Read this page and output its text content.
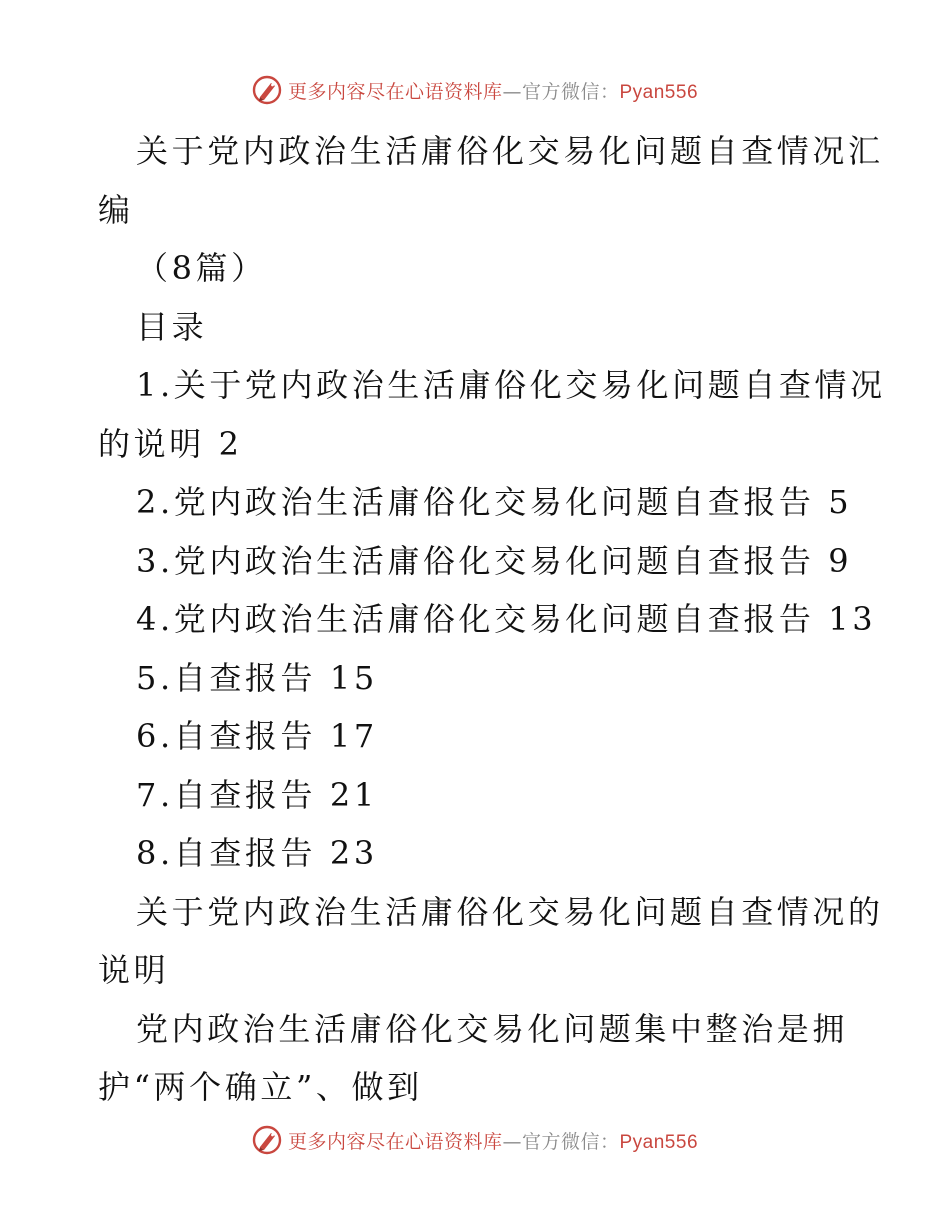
更多内容尽在心语资料库—官方微信：Pyan556

关于党内政治生活庸俗化交易化问题自查情况汇

编

（8篇）

目录

1.关于党内政治生活庸俗化交易化问题自查情况

的说明 2

2.党内政治生活庸俗化交易化问题自查报告 5

3.党内政治生活庸俗化交易化问题自查报告 9

4.党内政治生活庸俗化交易化问题自查报告 13

5.自查报告 15

6.自查报告 17

7.自查报告 21

8.自查报告 23

关于党内政治生活庸俗化交易化问题自查情况的

说明

党内政治生活庸俗化交易化问题集中整治是拥

护“两个确立”、做到

更多内容尽在心语资料库—官方微信：Pyan556
